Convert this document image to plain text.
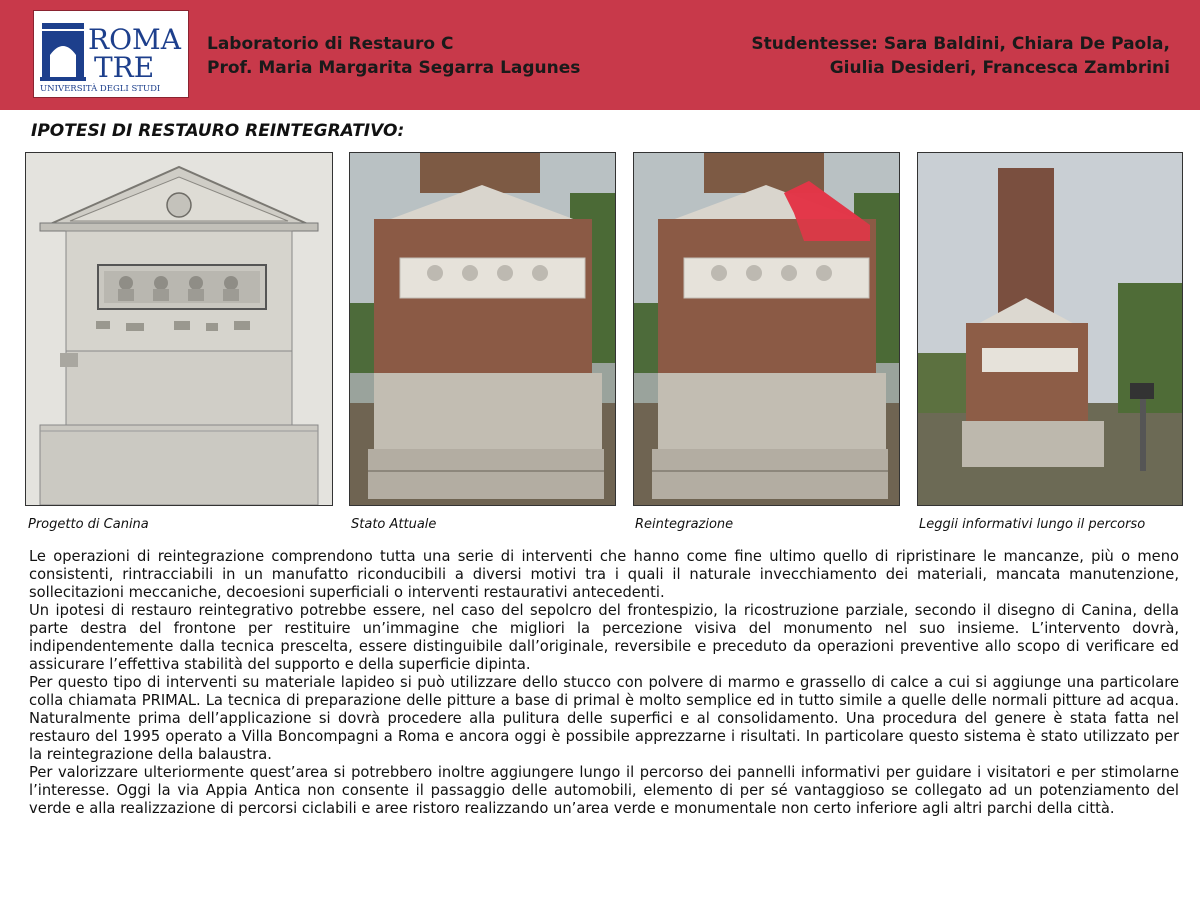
ROMA
TRE
UNIVERSITÀ DEGLI STUDI
Laboratorio di Restauro C
Prof. Maria Margarita Segarra Lagunes
Studentesse: Sara Baldini, Chiara De Paola,
Giulia Desideri, Francesca Zambrini
IPOTESI DI RESTAURO REINTEGRATIVO:
Progetto di Canina	Stato Attuale	Reintegrazione	Leggii informativi lungo il percorso

Le operazioni di reintegrazione comprendono tutta una serie di interventi che hanno come fine ultimo quello di ripristinare le mancanze, più o meno consistenti, rintracciabili in un manufatto riconducibili a diversi motivi tra i quali il naturale invecchiamento dei materiali, mancata manutenzione, sollecitazioni meccaniche, decoesioni superficiali o interventi restaurativi antecedenti.

Un ipotesi di restauro reintegrativo potrebbe essere, nel caso del sepolcro del frontespizio, la ricostruzione parziale, secondo il disegno di Canina, della parte destra del frontone per restituire un’immagine che migliori la percezione visiva del monumento nel suo insieme. L’intervento dovrà, indipendentemente dalla tecnica prescelta, essere distinguibile dall’originale, reversibile e preceduto da operazioni preventive allo scopo di verificare ed assicurare l’effettiva stabilità del supporto e della superficie dipinta.

Per questo tipo di interventi su materiale lapideo si può utilizzare dello stucco con polvere di marmo e grassello di calce a cui si aggiunge una particolare colla chiamata PRIMAL. La tecnica di preparazione delle pitture a base di primal è molto semplice ed in tutto simile a quelle delle normali pitture ad acqua. Naturalmente prima dell’applicazione si dovrà procedere alla pulitura delle superfici e al consolidamento. Una procedura del genere è stata fatta nel restauro del 1995 operato a Villa Boncompagni a Roma e ancora oggi è possibile apprezzarne i risultati. In particolare questo sistema è stato utilizzato per la reintegrazione della balaustra.

Per valorizzare ulteriormente quest’area si potrebbero inoltre aggiungere lungo il percorso dei pannelli informativi per guidare i visitatori e per stimolarne l’interesse. Oggi la via Appia Antica non consente il passaggio delle automobili, elemento di per sé vantaggioso se collegato ad un potenziamento del verde e alla realizzazione di percorsi ciclabili e aree ristoro realizzando un’area verde e monumentale non certo inferiore agli altri parchi della città.
